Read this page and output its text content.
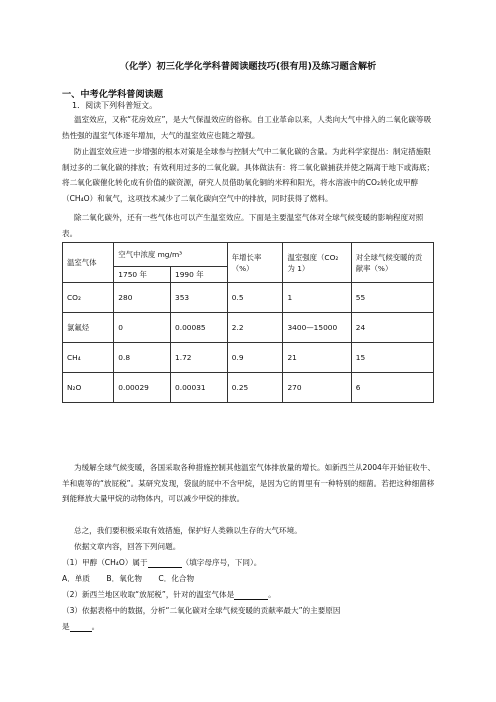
（化学）初三化学化学科普阅读题技巧(很有用)及练习题含解析
一、中考化学科普阅读题
1．阅读下列科普短文。
温室效应，又称“花房效应”，是大气保温效应的俗称。自工业革命以来，人类向大气中排入的二氧化碳等吸热性强的温室气体逐年增加，大气的温室效应也随之增强。
防止温室效应进一步增强的根本对策是全球参与控制大气中二氧化碳的含量。为此科学家提出：制定措施限制过多的二氧化碳的排放；有效利用过多的二氧化碳。具体做法有：将二氧化碳捕获并使之隔离于地下或海底；将二氧化碳催化转化成有价值的碳资源，研究人员借助氧化铜的米粹和阳光，将水溶液中的CO₂转化成甲醇（CH₄O）和氧气，这项技术减少了二氧化碳向空气中的排放，同时获得了燃料。
温室气体	空气中浓度 mg/m³		年增长率（%）	温室强度（CO₂ 为 1）	对全球气候变暖的贡献率（%）
	1750 年	1990 年			
CO₂	280	353	0.5	1	55
氯氟烃	0	0.00085	2.2	3400—15000	24
CH₄	0.8	1.72	0.9	21	15
N₂O	0.00029	0.00031	0.25	270	6
除二氧化碳外，还有一些气体也可以产生温室效应。下面是主要温室气体对全球气候变暖的影响程度对照表。
为缓解全球气候变暖，各国采取各种措施控制其他温室气体排放量的增长。如新西兰从2004年开始征收牛、羊和鹿等的“放屁税”。某研究发现，袋鼠的屁中不含甲烷，是因为它的胃里有一种特别的细菌。若把这种细菌移到能释放大量甲烷的动物体内，可以减少甲烷的排放。
总之，我们要积极采取有效措施，保护好人类赖以生存的大气环境。
依据文章内容，回答下列问题。
（1）甲醇（CH₄O）属于	（填字母序号，下同）。
A．单质 B．氧化物 C．化合物
（2）新西兰地区收取“放屁税”，针对的温室气体是	。
（3）依据表格中的数据，分析“二氧化碳对全球气候变暖的贡献率最大”的主要原因
是	。
